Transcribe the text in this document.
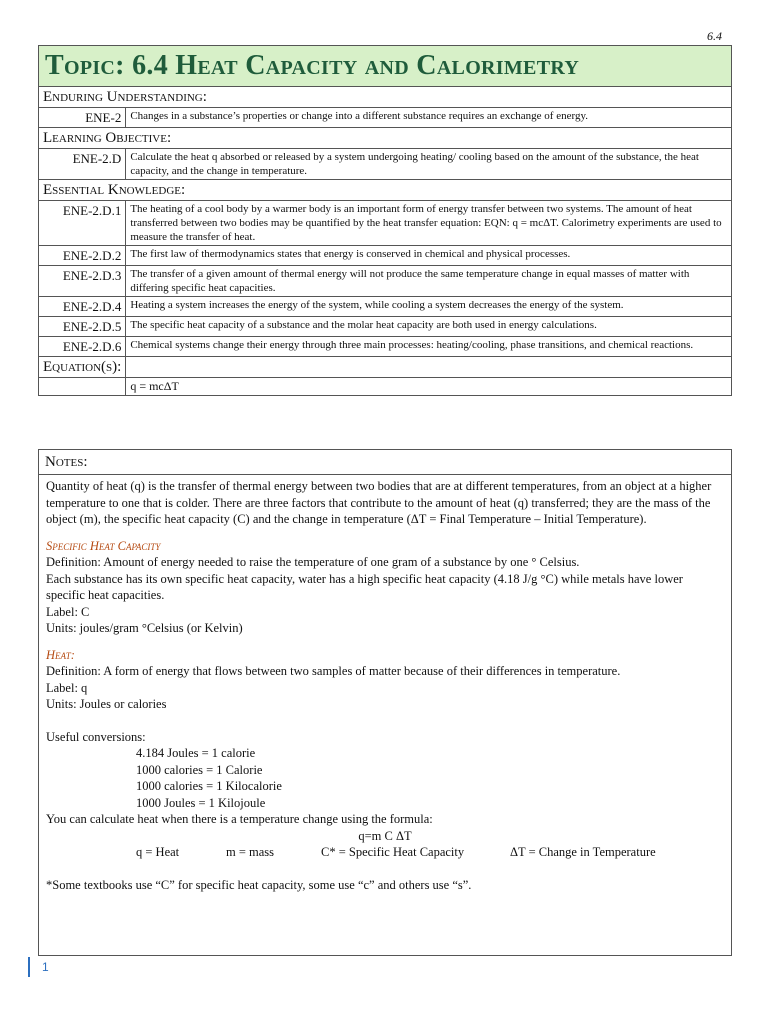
6.4
Topic: 6.4 Heat Capacity and Calorimetry	
Enduring Understanding:	
ENE-2	Changes in a substance’s properties or change into a different substance requires an exchange of energy.
Learning Objective:	
ENE-2.D	Calculate the heat q absorbed or released by a system undergoing heating/ cooling based on the amount of the substance, the heat capacity, and the change in temperature.
Essential Knowledge:	
ENE-2.D.1	The heating of a cool body by a warmer body is an important form of energy transfer between two systems. The amount of heat transferred between two bodies may be quantified by the heat transfer equation: EQN: q = mcΔT. Calorimetry experiments are used to measure the transfer of heat.
ENE-2.D.2	The first law of thermodynamics states that energy is conserved in chemical and physical processes.
ENE-2.D.3	The transfer of a given amount of thermal energy will not produce the same temperature change in equal masses of matter with differing specific heat capacities.
ENE-2.D.4	Heating a system increases the energy of the system, while cooling a system decreases the energy of the system.
ENE-2.D.5	The specific heat capacity of a substance and the molar heat capacity are both used in energy calculations.
ENE-2.D.6	Chemical systems change their energy through three main processes: heating/cooling, phase transitions, and chemical reactions.
Equation(s):	
	q = mcΔT
Notes:

Quantity of heat (q) is the transfer of thermal energy between two bodies that are at different temperatures, from an object at a higher temperature to one that is colder. There are three factors that contribute to the amount of heat (q) transferred; they are the mass of the object (m), the specific heat capacity (C) and the change in temperature (ΔT = Final Temperature – Initial Temperature).

Specific Heat Capacity

Definition: Amount of energy needed to raise the temperature of one gram of a substance by one ° Celsius.

Each substance has its own specific heat capacity, water has a high specific heat capacity (4.18 J/g °C) while metals have lower specific heat capacities.

Label: C

Units: joules/gram °Celsius (or Kelvin)

Heat:

Definition: A form of energy that flows between two samples of matter because of their differences in temperature.

Label: q

Units: Joules or calories

Useful conversions:

4.184 Joules = 1 calorie

1000 calories = 1 Calorie

1000 calories = 1 Kilocalorie

1000 Joules = 1 Kilojoule

You can calculate heat when there is a temperature change using the formula:

q=m C ΔT

q = Heat	m = mass	C* = Specific Heat Capacity	ΔT = Change in Temperature

*Some textbooks use “C” for specific heat capacity, some use “c” and others use “s”.

1
